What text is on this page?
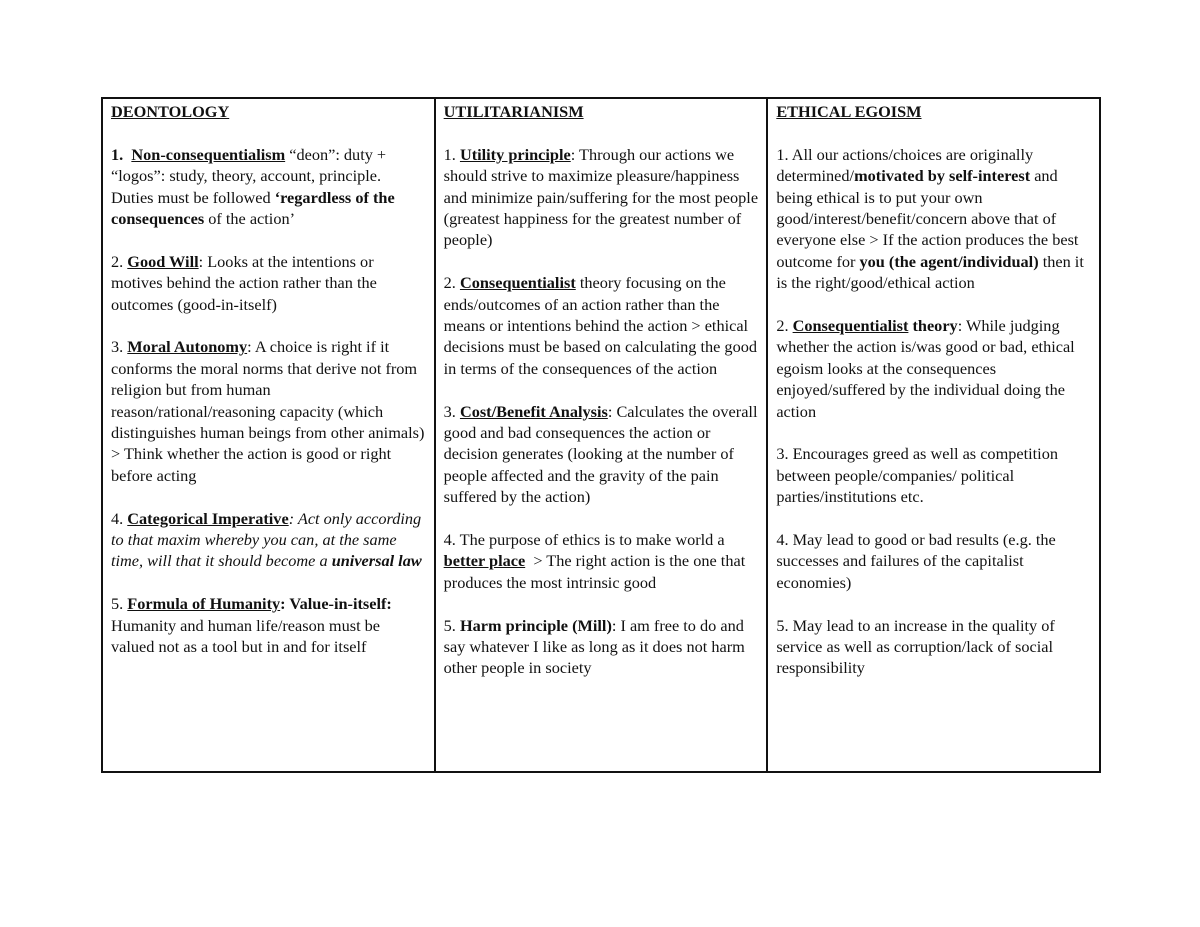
DEONTOLOGY
1. Non-consequentialism “deon”: duty + “logos”: study, theory, account, principle. Duties must be followed ‘regardless of the consequences of the action’
2. Good Will: Looks at the intentions or motives behind the action rather than the outcomes (good-in-itself)
3. Moral Autonomy: A choice is right if it conforms the moral norms that derive not from religion but from human reason/rational/reasoning capacity (which distinguishes human beings from other animals) > Think whether the action is good or right before acting
4. Categorical Imperative: Act only according to that maxim whereby you can, at the same time, will that it should become a universal law
5. Formula of Humanity: Value-in-itself: Humanity and human life/reason must be valued not as a tool but in and for itself

UTILITARIANISM
1. Utility principle: Through our actions we should strive to maximize pleasure/happiness and minimize pain/suffering for the most people (greatest happiness for the greatest number of people)
2. Consequentialist theory focusing on the ends/outcomes of an action rather than the means or intentions behind the action > ethical decisions must be based on calculating the good in terms of the consequences of the action
3. Cost/Benefit Analysis: Calculates the overall good and bad consequences the action or decision generates (looking at the number of people affected and the gravity of the pain suffered by the action)
4. The purpose of ethics is to make world a better place  > The right action is the one that produces the most intrinsic good
5. Harm principle (Mill): I am free to do and say whatever I like as long as it does not harm other people in society

ETHICAL EGOISM
1. All our actions/choices are originally determined/motivated by self-interest and being ethical is to put your own good/interest/benefit/concern above that of everyone else > If the action produces the best outcome for you (the agent/individual) then it is the right/good/ethical action
2. Consequentialist theory: While judging whether the action is/was good or bad, ethical egoism looks at the consequences enjoyed/suffered by the individual doing the action
3. Encourages greed as well as competition between people/companies/ political parties/institutions etc.
4. May lead to good or bad results (e.g. the successes and failures of the capitalist economies)
5. May lead to an increase in the quality of service as well as corruption/lack of social responsibility
